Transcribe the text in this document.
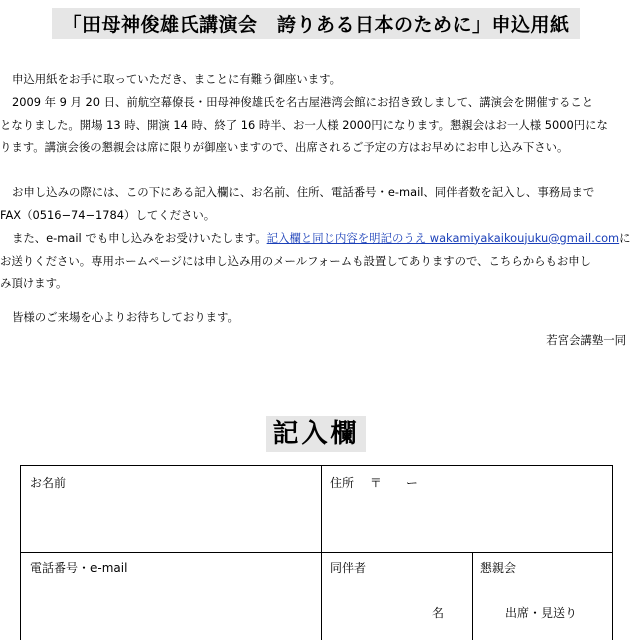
「田母神俊雄氏講演会　誇りある日本のために」申込用紙
申込用紙をお手に取っていただき、まことに有難う御座います。
2009 年 9 月 20 日、前航空幕僚長・田母神俊雄氏を名古屋港湾会館にお招き致しまして、講演会を開催すること
となりました。開場 13 時、開演 14 時、終了 16 時半、お一人様 2000円になります。懇親会はお一人様 5000円にな
ります。講演会後の懇親会は席に限りが御座いますので、出席されるご予定の方はお早めにお申し込み下さい。
お申し込みの際には、この下にある記入欄に、お名前、住所、電話番号・e-mail、同伴者数を記入し、事務局まで
FAX（0516−74−1784）してください。
また、e-mail でも申し込みをお受けいたします。記入欄と同じ内容を明記のうえ wakamiyakaikoujuku@gmail.comに
お送りください。専用ホームページには申し込み用のメールフォームも設置してありますので、こちらからもお申し
み頂けます。
皆様のご来場を心よりお待ちしております。
若宮会講塾一同
記入欄
お名前	住所　 〒　　ー
電話番号・e-mail	同伴者
名
懇親会
出席・見送り
